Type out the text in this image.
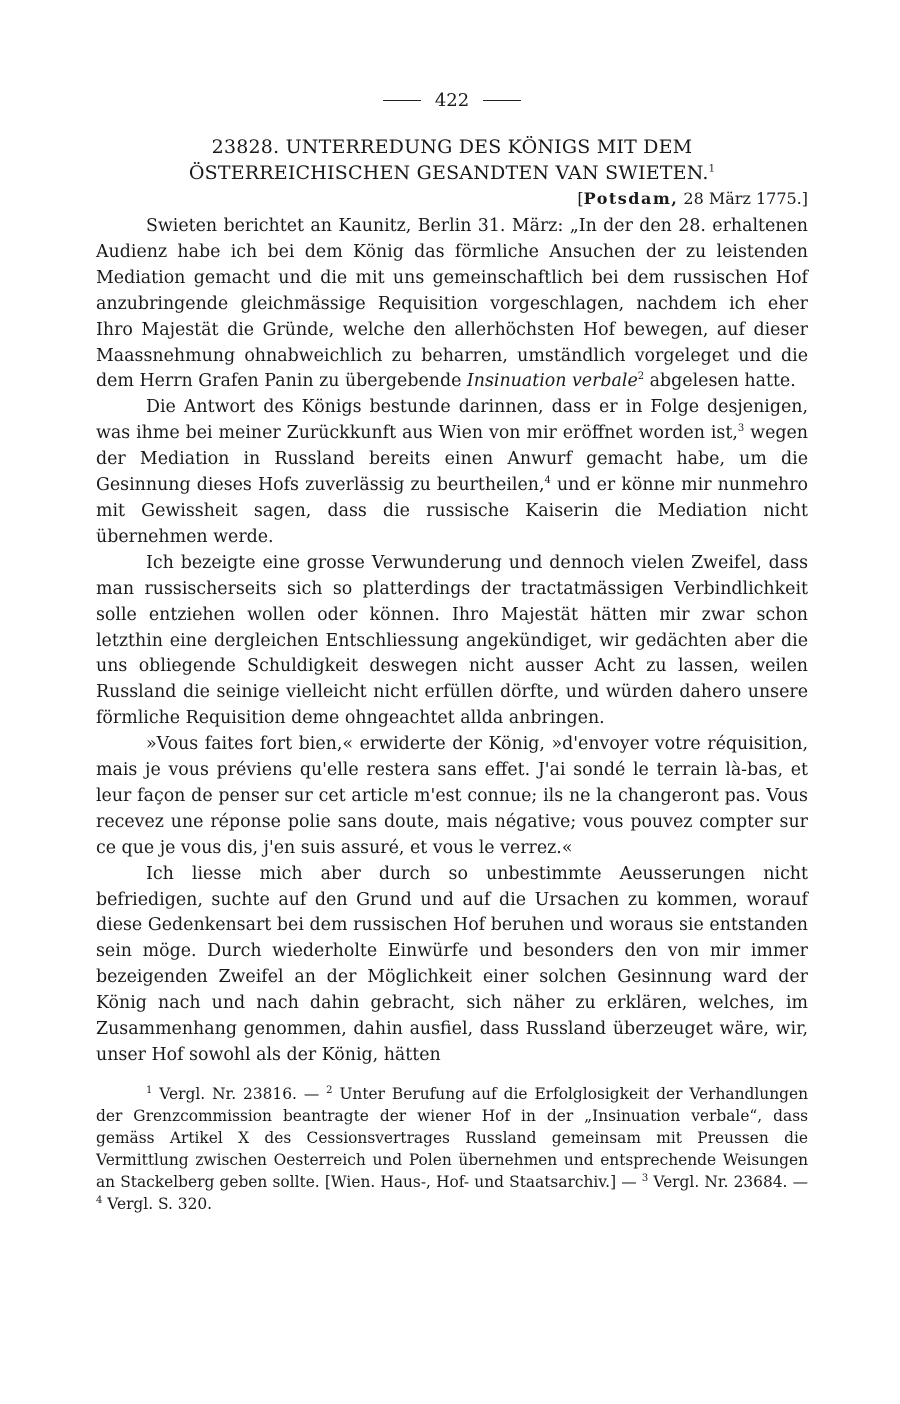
422
23828. UNTERREDUNG DES KÖNIGS MIT DEM
ÖSTERREICHISCHEN GESANDTEN VAN SWIETEN.$^1$
[Potsdam, 28 März 1775.]

Swieten berichtet an Kaunitz, Berlin 31. März: „In der den 28. erhaltenen Audienz habe ich bei dem König das förmliche Ansuchen der zu leistenden Mediation gemacht und die mit uns gemeinschaftlich bei dem russischen Hof anzubringende gleichmässige Requisition vorgeschlagen, nachdem ich eher Ihro Majestät die Gründe, welche den allerhöchsten Hof bewegen, auf dieser Maassnehmung ohnabweichlich zu beharren, umständlich vorgeleget und die dem Herrn Grafen Panin zu übergebende Insinuation verbale$^2$ abgelesen hatte.

Die Antwort des Königs bestunde darinnen, dass er in Folge desjenigen, was ihme bei meiner Zurückkunft aus Wien von mir eröffnet worden ist,$^3$ wegen der Mediation in Russland bereits einen Anwurf gemacht habe, um die Gesinnung dieses Hofs zuverlässig zu beurtheilen,$^4$ und er könne mir nunmehro mit Gewissheit sagen, dass die russische Kaiserin die Mediation nicht übernehmen werde.

Ich bezeigte eine grosse Verwunderung und dennoch vielen Zweifel, dass man russischerseits sich so platterdings der tractatmässigen Verbindlichkeit solle entziehen wollen oder können. Ihro Majestät hätten mir zwar schon letzthin eine dergleichen Entschliessung angekündiget, wir gedächten aber die uns obliegende Schuldigkeit deswegen nicht ausser Acht zu lassen, weilen Russland die seinige vielleicht nicht erfüllen dörfte, und würden dahero unsere förmliche Requisition deme ohngeachtet allda anbringen.

»Vous faites fort bien,« erwiderte der König, »d'envoyer votre réquisition, mais je vous préviens qu'elle restera sans effet. J'ai sondé le terrain là-bas, et leur façon de penser sur cet article m'est connue; ils ne la changeront pas. Vous recevez une réponse polie sans doute, mais négative; vous pouvez compter sur ce que je vous dis, j'en suis assuré, et vous le verrez.«

Ich liesse mich aber durch so unbestimmte Aeusserungen nicht befriedigen, suchte auf den Grund und auf die Ursachen zu kommen, worauf diese Gedenkensart bei dem russischen Hof beruhen und woraus sie entstanden sein möge. Durch wiederholte Einwürfe und besonders den von mir immer bezeigenden Zweifel an der Möglichkeit einer solchen Gesinnung ward der König nach und nach dahin gebracht, sich näher zu erklären, welches, im Zusammenhang genommen, dahin ausfiel, dass Russland überzeuget wäre, wir, unser Hof sowohl als der König, hätten

$^1$ Vergl. Nr. 23816. — $^2$ Unter Berufung auf die Erfolglosigkeit der Verhandlungen der Grenzcommission beantragte der wiener Hof in der „Insinuation verbale“, dass gemäss Artikel X des Cessionsvertrages Russland gemeinsam mit Preussen die Vermittlung zwischen Oesterreich und Polen übernehmen und entsprechende Weisungen an Stackelberg geben sollte. [Wien. Haus-, Hof- und Staatsarchiv.] — $^3$ Vergl. Nr. 23684. — $^4$ Vergl. S. 320.
